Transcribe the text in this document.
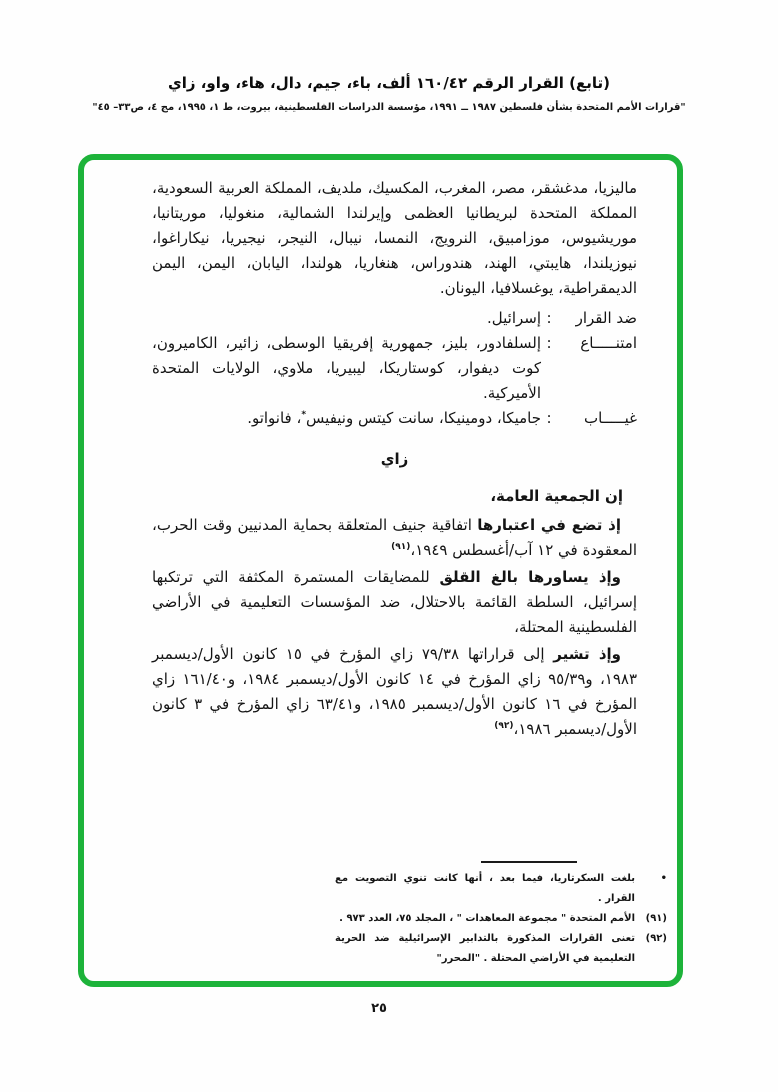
(تابع) القرار الرقم ١٦٠/٤٢ ألف، باء، جيم، دال، هاء، واو، زاي
"قرارات الأمم المتحدة بشأن فلسطين ١٩٨٧ ــ ١٩٩١، مؤسسة الدراسات الفلسطينية، بيروت، ط ١، ١٩٩٥، مج ٤، ص٣٣– ٤٥"

ماليزيا، مدغشقر، مصر، المغرب، المكسيك، ملديف، المملكة العربية السعودية، المملكة المتحدة لبريطانيا العظمى وإيرلندا الشمالية، منغوليا، موريتانيا، موريشيوس، موزامبيق، النرويج، النمسا، نيبال، النيجر، نيجيريا، نيكاراغوا، نيوزيلندا، هايبتي، الهند، هندوراس، هنغاريا، هولندا، اليابان، اليمن، اليمن الديمقراطية، يوغسلافيا، اليونان.

ضد القرار
:
إسرائيل.
امتنـــــاع
:
إلسلفادور، بليز، جمهورية إفريقيا الوسطى، زائير، الكاميرون، كوت ديفوار، كوستاريكا، ليبيريا، ملاوي، الولايات المتحدة الأميركية.
غيـــــاب
:
جاميكا، دومينيكا، سانت كيتس ونيفيس*، فانواتو.
زاي

إن الجمعية العامة،

إذ تضع في اعتبارها اتفاقية جنيف المتعلقة بحماية المدنيين وقت الحرب، المعقودة في ١٢ آب/أغسطس ١٩٤٩،$^{(٩١)}$

وإذ يساورها بالغ القلق للمضايقات المستمرة المكثفة التي ترتكبها إسرائيل، السلطة القائمة بالاحتلال، ضد المؤسسات التعليمية في الأراضي الفلسطينية المحتلة،

وإذ تشير إلى قراراتها ٧٩/٣٨ زاي المؤرخ في ١٥ كانون الأول/ديسمبر ١٩٨٣، و٩٥/٣٩ زاي المؤرخ في ١٤ كانون الأول/ديسمبر ١٩٨٤، و١٦١/٤٠ زاي المؤرخ في ١٦ كانون الأول/ديسمبر ١٩٨٥، و٦٣/٤١ زاي المؤرخ في ٣ كانون الأول/ديسمبر ١٩٨٦،$^{(٩٢)}$

•
بلغت السكرتاريا، فيما بعد ، أنها كانت تنوي التصويت مع القرار .
(٩١)
الأمم المتحدة " مجموعة المعاهدات " ، المجلد ٧٥، العدد ٩٧٣ .
(٩٢)
تعنى القرارات المذكورة بالتدابير الإسرائيلية ضد الحرية التعليمية في الأراضي المحتلة . "المحرر"
٢٥
